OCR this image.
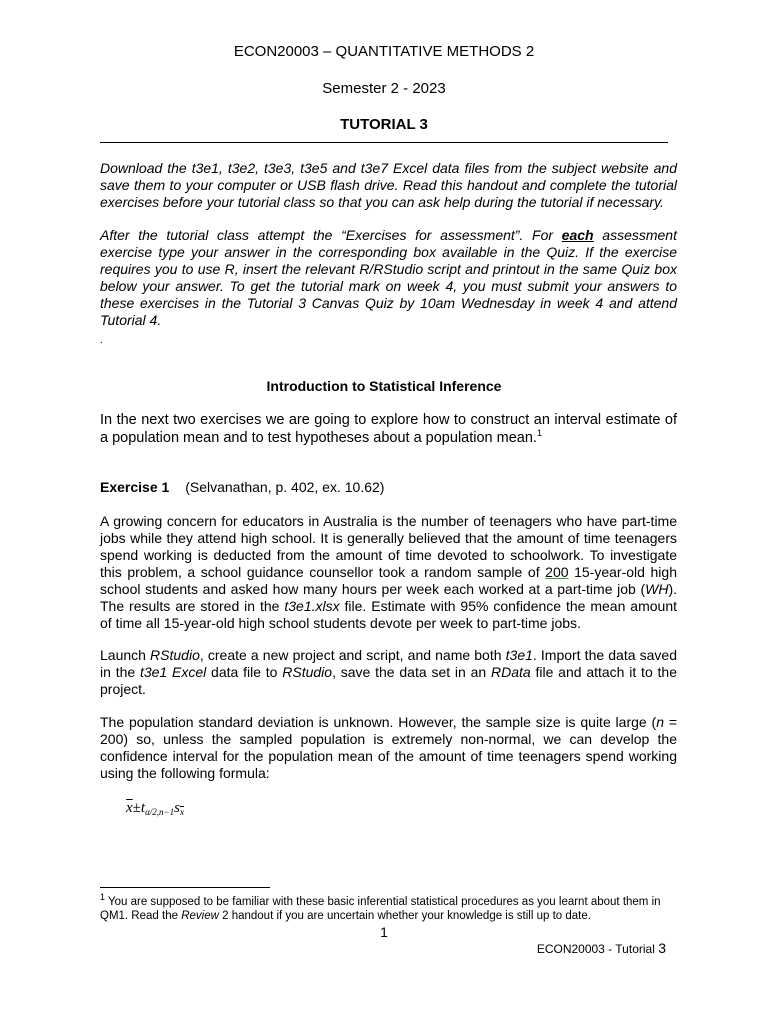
ECON20003 – QUANTITATIVE METHODS 2
Semester 2 - 2023
TUTORIAL 3
Download the t3e1, t3e2, t3e3, t3e5 and t3e7 Excel data files from the subject website and save them to your computer or USB flash drive. Read this handout and complete the tutorial exercises before your tutorial class so that you can ask help during the tutorial if necessary.
After the tutorial class attempt the “Exercises for assessment”. For each assessment exercise type your answer in the corresponding box available in the Quiz. If the exercise requires you to use R, insert the relevant R/RStudio script and printout in the same Quiz box below your answer. To get the tutorial mark on week 4, you must submit your answers to these exercises in the Tutorial 3 Canvas Quiz by 10am Wednesday in week 4 and attend Tutorial 4.
.
Introduction to Statistical Inference
In the next two exercises we are going to explore how to construct an interval estimate of a population mean and to test hypotheses about a population mean.$^1$
Exercise 1 (Selvanathan, p. 402, ex. 10.62)
A growing concern for educators in Australia is the number of teenagers who have part-time jobs while they attend high school. It is generally believed that the amount of time teenagers spend working is deducted from the amount of time devoted to schoolwork. To investigate this problem, a school guidance counsellor took a random sample of 200 15-year-old high school students and asked how many hours per week each worked at a part-time job (WH). The results are stored in the t3e1.xlsx file. Estimate with 95% confidence the mean amount of time all 15-year-old high school students devote per week to part-time jobs.
Launch RStudio, create a new project and script, and name both t3e1. Import the data saved in the t3e1 Excel data file to RStudio, save the data set in an RData file and attach it to the project.
The population standard deviation is unknown. However, the sample size is quite large (n = 200) so, unless the sampled population is extremely non-normal, we can develop the confidence interval for the population mean of the amount of time teenagers spend working using the following formula:
$\overline{x}\pm t_{\alpha/2,n-1}s_{\overline{x}}$
$^1$ You are supposed to be familiar with these basic inferential statistical procedures as you learnt about them in QM1. Read the Review 2 handout if you are uncertain whether your knowledge is still up to date.
1
ECON20003 - Tutorial 3
